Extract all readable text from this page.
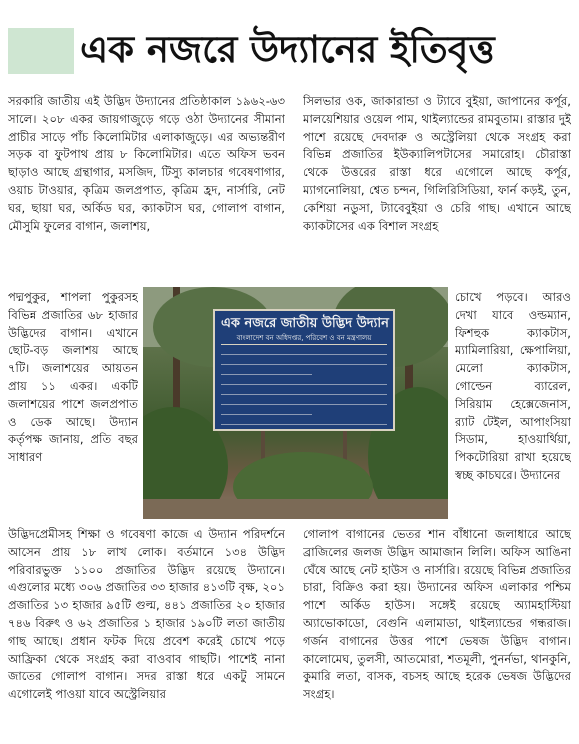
এক নজরে উদ্যানের ইতিবৃত্ত

সরকারি জাতীয় এই উদ্ভিদ উদ্যানের প্রতিষ্ঠাকাল ১৯৬২-৬৩ সালে। ২০৮ একর জায়গাজুড়ে গড়ে ওঠা উদ্যানের সীমানা প্রাচীর সাড়ে পাঁচ কিলোমিটার এলাকাজুড়ে। এর অভ্যন্তরীণ সড়ক বা ফুটপাথ প্রায় ৮ কিলোমিটার। এতে অফিস ভবন ছাড়াও আছে গ্রন্থাগার, মসজিদ, টিস্যু কালচার গবেষণাগার, ওয়াচ টাওয়ার, কৃত্রিম জলপ্রপাত, কৃত্রিম হ্রদ, নার্সারি, নেট ঘর, ছায়া ঘর, অর্কিড ঘর, ক্যাকটাস ঘর, গোলাপ বাগান, মৌসুমি ফুলের বাগান, জলাশয়,

পদ্মপুকুর, শাপলা পুকুরসহ বিভিন্ন প্রজাতির ৬৮ হাজার উদ্ভিদের বাগান। এখানে ছোট-বড় জলাশয় আছে ৭টি। জলাশয়ের আয়তন প্রায় ১১ একর। একটি জলাশয়ের পাশে জলপ্রপাত ও ডেক আছে। উদ্যান কর্তৃপক্ষ জানায়, প্রতি বছর সাধারণ

সিলভার ওক, জাকারান্ডা ও ট্যাবে বুইয়া, জাপানের কর্পূর, মালয়েশিয়ার ওয়েল পাম, থাইল্যান্ডের রামবুতাম। রাস্তার দুই পাশে রয়েছে দেবদারু ও অস্ট্রেলিয়া থেকে সংগ্রহ করা বিভিন্ন প্রজাতির ইউক্যালিপটাসের সমারোহ। চৌরাস্তা থেকে উত্তরের রাস্তা ধরে এগোলে আছে কর্পূর, ম্যাগনোলিয়া, শ্বেত চন্দন, গিলিরিসিডিয়া, ফার্ন কড়ই, তুন, কেশিয়া নডুসা, ট্যাবেবুইয়া ও চেরি গাছ। এখানে আছে ক্যাকটাসের এক বিশাল সংগ্রহ

চোখে পড়বে। আরও দেখা যাবে ওল্ডম্যান, ফিশহুক ক্যাকটাস, ম্যামিলারিয়া, ক্ষেপালিয়া, মেলো ক্যাকটাস, গোল্ডেন ব্যারেল, সিরিয়াম হেক্সেজেনাস, র‍্যাট টেইল, আপাংসিয়া সিডাম, হাওয়ার্থিয়া, পিকটোরিয়া রাখা হয়েছে স্বচ্ছ কাচঘরে। উদ্যানের

এক নজরে জাতীয় উদ্ভিদ উদ্যান
বাংলাদেশ বন অধিদপ্তর, পরিবেশ ও বন মন্ত্রণালয়

উদ্ভিদপ্রেমীসহ শিক্ষা ও গবেষণা কাজে এ উদ্যান পরিদর্শনে আসেন প্রায় ১৮ লাখ লোক। বর্তমানে ১৩৪ উদ্ভিদ পরিবারভুক্ত ১১০০ প্রজাতির উদ্ভিদ রয়েছে উদ্যানে। এগুলোর মধ্যে ৩০৬ প্রজাতির ৩৩ হাজার ৪১৩টি বৃক্ষ, ২০১ প্রজাতির ১৩ হাজার ৯৫টি গুল্ম, ৪৪১ প্রজাতির ২০ হাজার ৭৪৬ বিরুৎ ও ৬২ প্রজাতির ১ হাজার ১৯০টি লতা জাতীয় গাছ আছে। প্রধান ফটক দিয়ে প্রবেশ করেই চোখে পড়ে আফ্রিকা থেকে সংগ্রহ করা বাওবাব গাছটি। পাশেই নানা জাতের গোলাপ বাগান। সদর রাস্তা ধরে একটু সামনে এগোলেই পাওয়া যাবে অস্ট্রেলিয়ার

গোলাপ বাগানের ভেতর শান বাঁধানো জলাধারে আছে ব্রাজিলের জলজ উদ্ভিদ আমাজান লিলি। অফিস আঙিনা ঘেঁষে আছে নেট হাউস ও নার্সারি। রয়েছে বিভিন্ন প্রজাতির চারা, বিক্রিও করা হয়। উদ্যানের অফিস এলাকার পশ্চিম পাশে অর্কিড হাউস। সঙ্গেই রয়েছে অ্যামহাস্টিয়া অ্যাভোকাডো, বেগুনি এলামাডা, থাইল্যান্ডের গন্ধরাজ। গর্জন বাগানের উত্তর পাশে ভেষজ উদ্ভিদ বাগান। কালোমেঘ, তুলসী, আতমোরা, শতমূলী, পুনর্নভা, থানকুনি, কুমারি লতা, বাসক, বচসহ আছে হরেক ভেষজ উদ্ভিদের সংগ্রহ।
